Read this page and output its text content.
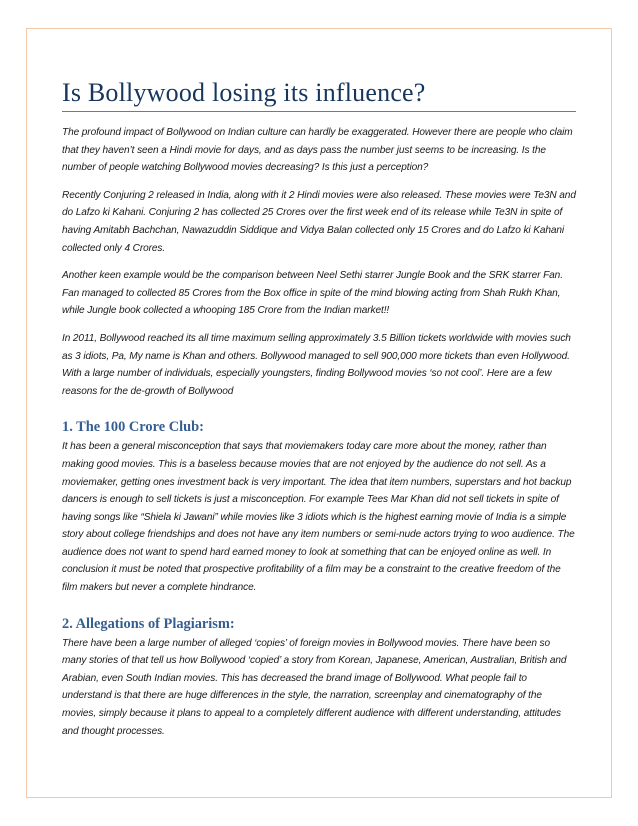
Is Bollywood losing its influence?

The profound impact of Bollywood on Indian culture can hardly be exaggerated. However there are people who claim that they haven’t seen a Hindi movie for days, and as days pass the number just seems to be increasing. Is the number of people watching Bollywood movies decreasing? Is this just a perception?

Recently Conjuring 2 released in India, along with it 2 Hindi movies were also released. These movies were Te3N and do Lafzo ki Kahani. Conjuring 2 has collected 25 Crores over the first week end of its release while Te3N in spite of having Amitabh Bachchan, Nawazuddin Siddique and Vidya Balan collected only 15 Crores and do Lafzo ki Kahani collected only 4 Crores.

Another keen example would be the comparison between Neel Sethi starrer Jungle Book and the SRK starrer Fan. Fan managed to collected 85 Crores from the Box office in spite of the mind blowing acting from Shah Rukh Khan, while Jungle book collected a whooping 185 Crore from the Indian market!!

In 2011, Bollywood reached its all time maximum selling approximately 3.5 Billion tickets worldwide with movies such as 3 idiots, Pa, My name is Khan and others. Bollywood managed to sell 900,000 more tickets than even Hollywood. With a large number of individuals, especially youngsters, finding Bollywood movies ‘so not cool’. Here are a few reasons for the de-growth of Bollywood

1. The 100 Crore Club:

It has been a general misconception that says that moviemakers today care more about the money, rather than making good movies. This is a baseless because movies that are not enjoyed by the audience do not sell. As a moviemaker, getting ones investment back is very important. The idea that item numbers, superstars and hot backup dancers is enough to sell tickets is just a misconception. For example Tees Mar Khan did not sell tickets in spite of having songs like “Shiela ki Jawani” while movies like 3 idiots which is the highest earning movie of India is a simple story about college friendships and does not have any item numbers or semi-nude actors trying to woo audience. The audience does not want to spend hard earned money to look at something that can be enjoyed online as well. In conclusion it must be noted that prospective profitability of a film may be a constraint to the creative freedom of the film makers but never a complete hindrance.

2. Allegations of Plagiarism:

There have been a large number of alleged ‘copies’ of foreign movies in Bollywood movies. There have been so many stories of that tell us how Bollywood ‘copied’ a story from Korean, Japanese, American, Australian, British and Arabian, even South Indian movies. This has decreased the brand image of Bollywood. What people fail to understand is that there are huge differences in the style, the narration, screenplay and cinematography of the movies, simply because it plans to appeal to a completely different audience with different understanding, attitudes and thought processes.
